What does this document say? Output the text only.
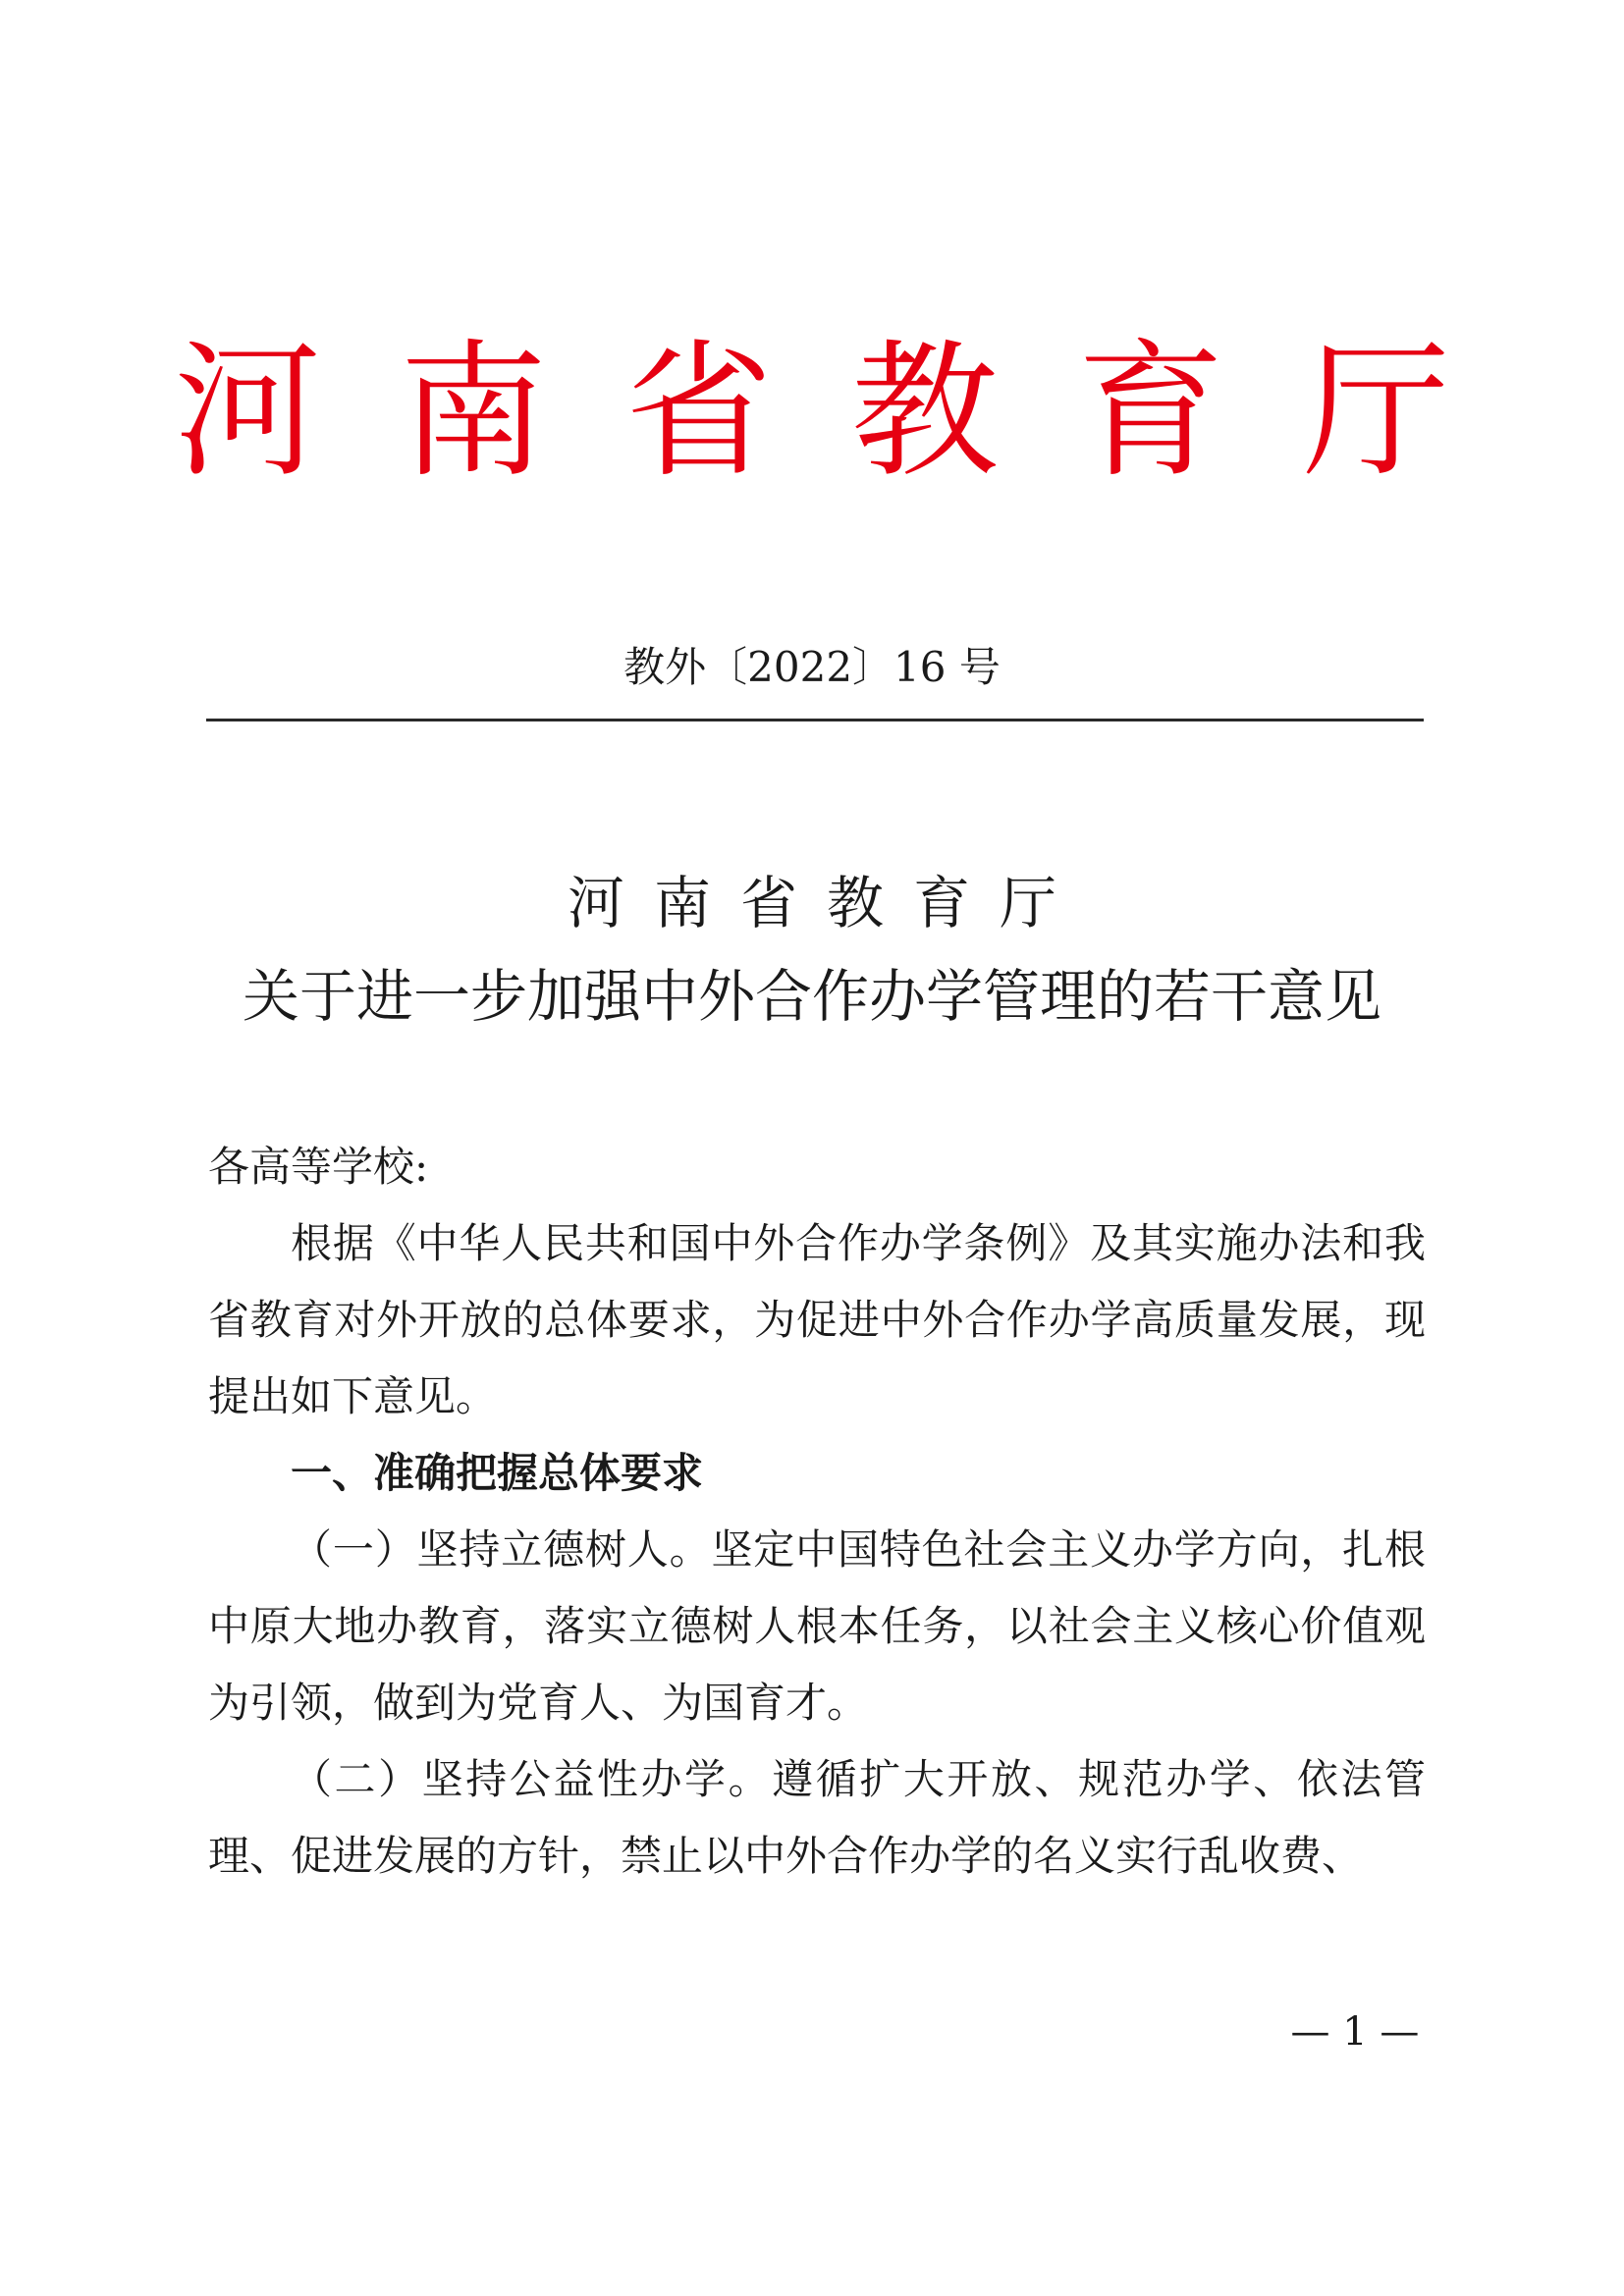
河南省教育厅
教外〔2022〕16 号
河南省教育厅
关于进一步加强中外合作办学管理的若干意见

各高等学校:

根据《中华人民共和国中外合作办学条例》及其实施办法和我省教育对外开放的总体要求，为促进中外合作办学高质量发展，现提出如下意见。

一、准确把握总体要求

（一）坚持立德树人。坚定中国特色社会主义办学方向，扎根中原大地办教育，落实立德树人根本任务，以社会主义核心价值观为引领，做到为党育人、为国育才。

（二）坚持公益性办学。遵循扩大开放、规范办学、依法管理、促进发展的方针，禁止以中外合作办学的名义实行乱收费、

— 1 —
